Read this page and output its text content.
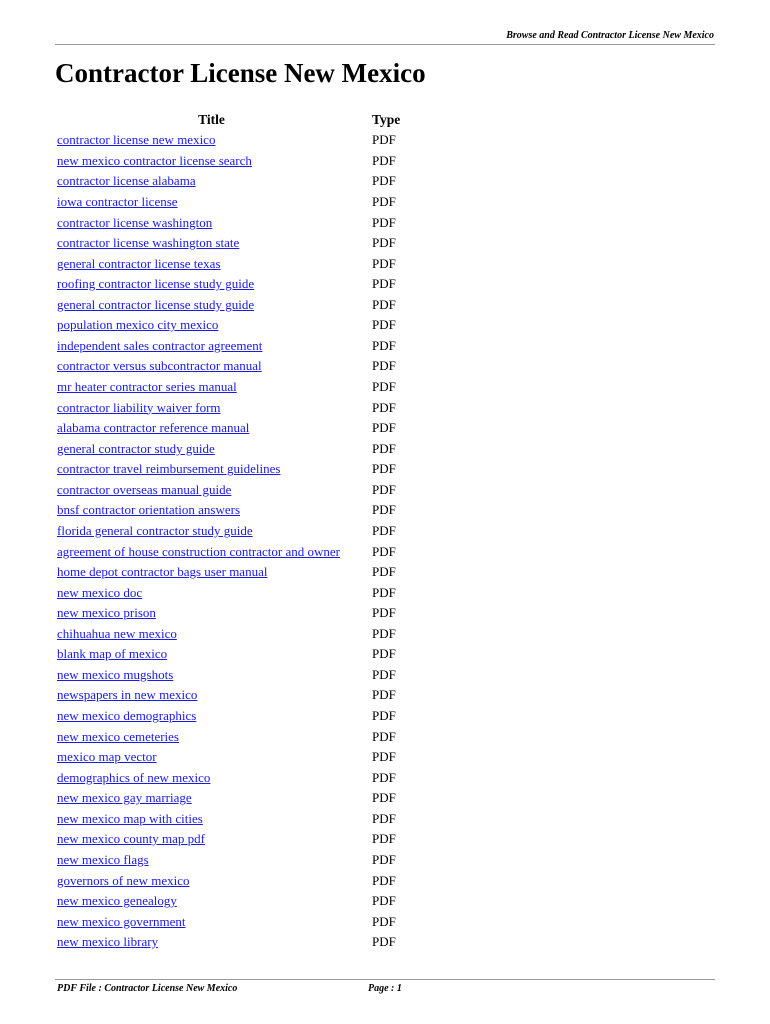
Browse and Read Contractor License New Mexico
Contractor License New Mexico
Title	Type
contractor license new mexico	PDF
new mexico contractor license search	PDF
contractor license alabama	PDF
iowa contractor license	PDF
contractor license washington	PDF
contractor license washington state	PDF
general contractor license texas	PDF
roofing contractor license study guide	PDF
general contractor license study guide	PDF
population mexico city mexico	PDF
independent sales contractor agreement	PDF
contractor versus subcontractor manual	PDF
mr heater contractor series manual	PDF
contractor liability waiver form	PDF
alabama contractor reference manual	PDF
general contractor study guide	PDF
contractor travel reimbursement guidelines	PDF
contractor overseas manual guide	PDF
bnsf contractor orientation answers	PDF
florida general contractor study guide	PDF
agreement of house construction contractor and owner	PDF
home depot contractor bags user manual	PDF
new mexico doc	PDF
new mexico prison	PDF
chihuahua new mexico	PDF
blank map of mexico	PDF
new mexico mugshots	PDF
newspapers in new mexico	PDF
new mexico demographics	PDF
new mexico cemeteries	PDF
mexico map vector	PDF
demographics of new mexico	PDF
new mexico gay marriage	PDF
new mexico map with cities	PDF
new mexico county map pdf	PDF
new mexico flags	PDF
governors of new mexico	PDF
new mexico genealogy	PDF
new mexico government	PDF
new mexico library	PDF
PDF File : Contractor License New Mexico	Page : 1
